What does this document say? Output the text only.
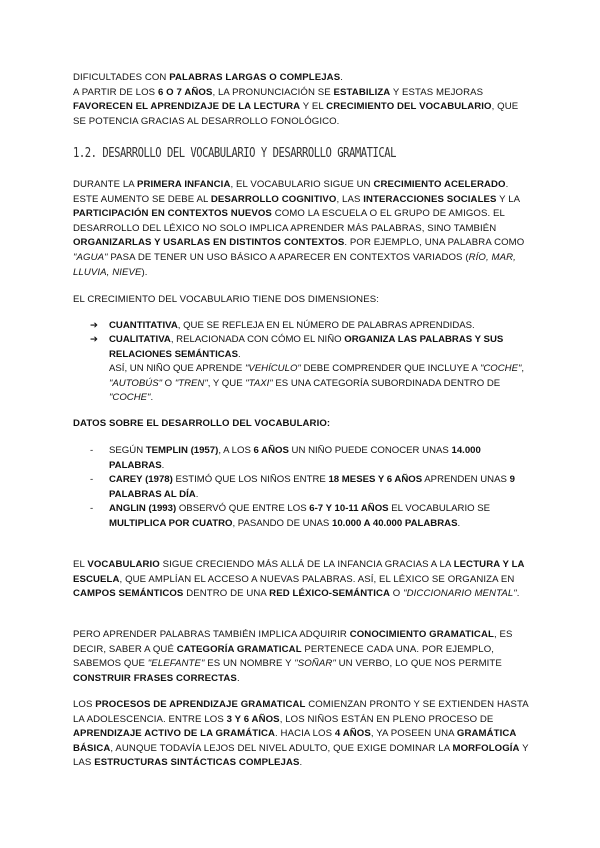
DIFICULTADES CON PALABRAS LARGAS O COMPLEJAS.
A PARTIR DE LOS 6 O 7 AÑOS, LA PRONUNCIACIÓN SE ESTABILIZA Y ESTAS MEJORAS FAVORECEN EL APRENDIZAJE DE LA LECTURA Y EL CRECIMIENTO DEL VOCABULARIO, QUE SE POTENCIA GRACIAS AL DESARROLLO FONOLÓGICO.

1.2. DESARROLLO DEL VOCABULARIO Y DESARROLLO GRAMATICAL

DURANTE LA PRIMERA INFANCIA, EL VOCABULARIO SIGUE UN CRECIMIENTO ACELERADO. ESTE AUMENTO SE DEBE AL DESARROLLO COGNITIVO, LAS INTERACCIONES SOCIALES Y LA PARTICIPACIÓN EN CONTEXTOS NUEVOS COMO LA ESCUELA O EL GRUPO DE AMIGOS. EL DESARROLLO DEL LÉXICO NO SOLO IMPLICA APRENDER MÁS PALABRAS, SINO TAMBIÉN ORGANIZARLAS Y USARLAS EN DISTINTOS CONTEXTOS. POR EJEMPLO, UNA PALABRA COMO "AGUA" PASA DE TENER UN USO BÁSICO A APARECER EN CONTEXTOS VARIADOS (RÍO, MAR, LLUVIA, NIEVE).

EL CRECIMIENTO DEL VOCABULARIO TIENE DOS DIMENSIONES:

➔ CUANTITATIVA, QUE SE REFLEJA EN EL NÚMERO DE PALABRAS APRENDIDAS.
➔ CUALITATIVA, RELACIONADA CON CÓMO EL NIÑO ORGANIZA LAS PALABRAS Y SUS RELACIONES SEMÁNTICAS.
ASÍ, UN NIÑO QUE APRENDE "VEHÍCULO" DEBE COMPRENDER QUE INCLUYE A "COCHE", "AUTOBÚS" O "TREN", Y QUE "TAXI" ES UNA CATEGORÍA SUBORDINADA DENTRO DE "COCHE".

DATOS SOBRE EL DESARROLLO DEL VOCABULARIO:

- SEGÚN TEMPLIN (1957), A LOS 6 AÑOS UN NIÑO PUEDE CONOCER UNAS 14.000 PALABRAS.
- CAREY (1978) ESTIMÓ QUE LOS NIÑOS ENTRE 18 MESES Y 6 AÑOS APRENDEN UNAS 9 PALABRAS AL DÍA.
- ANGLIN (1993) OBSERVÓ QUE ENTRE LOS 6-7 Y 10-11 AÑOS EL VOCABULARIO SE MULTIPLICA POR CUATRO, PASANDO DE UNAS 10.000 A 40.000 PALABRAS.

EL VOCABULARIO SIGUE CRECIENDO MÁS ALLÁ DE LA INFANCIA GRACIAS A LA LECTURA Y LA ESCUELA, QUE AMPLÍAN EL ACCESO A NUEVAS PALABRAS. ASÍ, EL LÉXICO SE ORGANIZA EN CAMPOS SEMÁNTICOS DENTRO DE UNA RED LÉXICO-SEMÁNTICA O "DICCIONARIO MENTAL".

PERO APRENDER PALABRAS TAMBIÉN IMPLICA ADQUIRIR CONOCIMIENTO GRAMATICAL, ES DECIR, SABER A QUÉ CATEGORÍA GRAMATICAL PERTENECE CADA UNA. POR EJEMPLO, SABEMOS QUE "ELEFANTE" ES UN NOMBRE Y "SOÑAR" UN VERBO, LO QUE NOS PERMITE CONSTRUIR FRASES CORRECTAS.

LOS PROCESOS DE APRENDIZAJE GRAMATICAL COMIENZAN PRONTO Y SE EXTIENDEN HASTA LA ADOLESCENCIA. ENTRE LOS 3 Y 6 AÑOS, LOS NIÑOS ESTÁN EN PLENO PROCESO DE APRENDIZAJE ACTIVO DE LA GRAMÁTICA. HACIA LOS 4 AÑOS, YA POSEEN UNA GRAMÁTICA BÁSICA, AUNQUE TODAVÍA LEJOS DEL NIVEL ADULTO, QUE EXIGE DOMINAR LA MORFOLOGÍA Y LAS ESTRUCTURAS SINTÁCTICAS COMPLEJAS.
